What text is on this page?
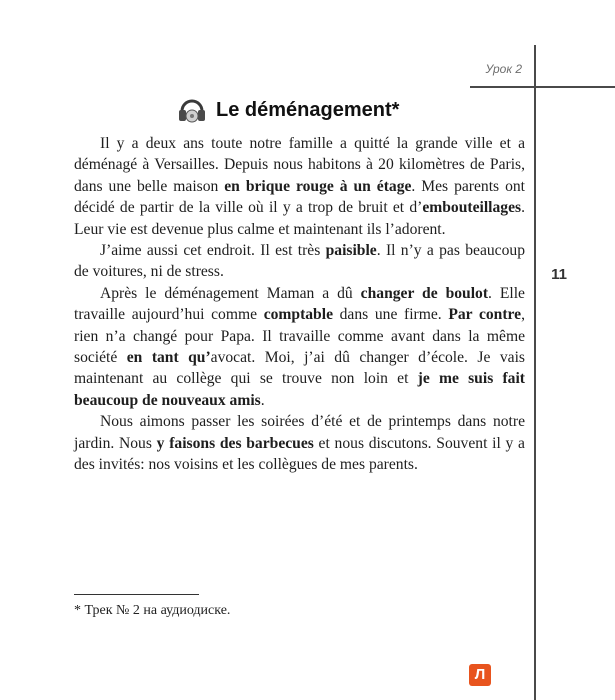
Урок 2
11
Le déménagement*

Il y a deux ans toute notre famille a quitté la grande ville et a déménagé à Versailles. Depuis nous habitons à 20 kilomètres de Paris, dans une belle maison en brique rouge à un étage. Mes parents ont décidé de partir de la ville où il y a trop de bruit et d’embouteillages. Leur vie est devenue plus calme et maintenant ils l’adorent.

J’aime aussi cet endroit. Il est très paisible. Il n’y a pas beaucoup de voitures, ni de stress.

Après le déménagement Maman a dû changer de boulot. Elle travaille aujourd’hui comme comptable dans une firme. Par contre, rien n’a changé pour Papa. Il travaille comme avant dans la même société en tant qu’avocat. Moi, j’ai dû changer d’école. Je vais maintenant au collège qui se trouve non loin et je me suis fait beaucoup de nouveaux amis.

Nous aimons passer les soirées d’été et de printemps dans notre jardin. Nous y faisons des barbecues et nous discutons. Souvent il y a des invités: nos voisins et les collègues de mes parents.

* Трек № 2 на аудиодиске.
Л
